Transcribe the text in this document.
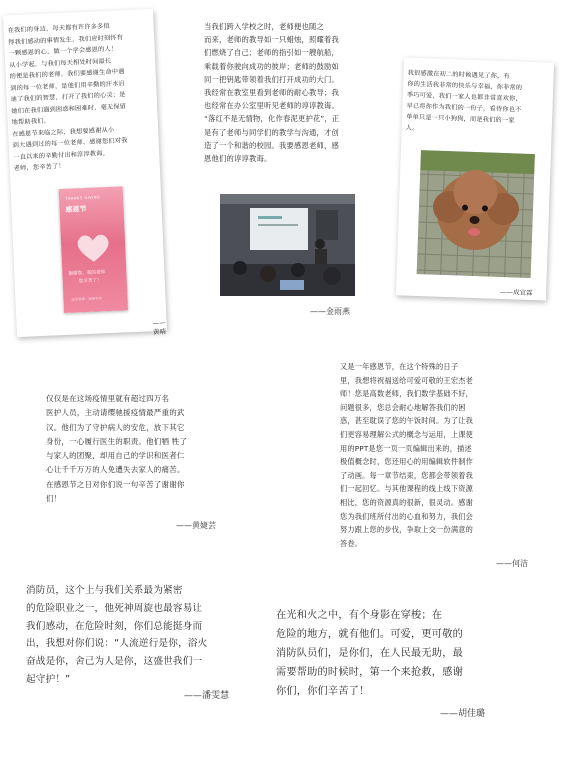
在我们的身边，每天都有许许多多值
得我们感动的事情发生，我们应时刻怀有
一颗感恩的心，做一个学会感恩的人！
从小学起，与我们每天相处时间最长
的便是我们的老师。我们要感谢生命中遇
到的每一位老师，是他们用辛勤的汗水启
迪了我们的智慧，打开了我们的心灵；是
她们在我们遇到困惑和困难时，毫无保留
地帮助我们。
在感恩节来临之际，我想要感谢从小
到大遇到过的每一位老师，感谢您们对我
一直以来的辛勤付出和淳淳教诲。
老师，您辛苦了！
THANKS GIVING
感恩节
谢谢您，我的老师
您辛苦了！
感恩教师 · 感谢有你
——黄晴
当我们跨入学校之时，老师便也随之
而来，老师的教导如一只蜡烛，照耀着我
们燃烧了自己；老师的指引如一艘航船，
乘载着你驶向成功的彼岸；老师的鼓励如
同一把钥匙带领着我们打开成功的大门。
我经常在教室里看到老师的耐心教导；我
也经常在办公室里听见老师的谆谆教诲。
“落红不是无情物，化作春泥更护花”，正
是有了老师与同学们的教学与沟通，才创
造了一个和谐的校园。我要感恩老师，感
恩他们的谆谆教诲。
——金雨燕
我很感激在初二的时候遇见了你，有
你的生活我非常的快乐与幸福，你非常的
季巧可爱，我们一家人也都非常喜欢你，
早已将你作为我们的一份子，看待你也不
单单只是一只小狗狗，而是我们的一家
人。
——成宜霖
仅仅是在这场疫情里就有超过四万名
医护人员，主动请缨驰援疫情最严重的武
汉。他们为了守护病人的安危，放下其它
身份，一心履行医生的职责。他们牺 牲了
与家人的团聚，却用自己的学识和医者仁
心让千千万万的人免遭失去家人的痛苦。
在感恩节之日对你们说一句辛苦了谢谢你
们！
——黄婕芸
又是一年感恩节，在这个特殊的日子
里，我想将祝福送给可爱可敬的王宏杰老
师！您是高数老师，我们数学基础不好，
问题很多，您总会耐心地解答我们的困
惑，甚至耽误了您的午饭时间。为了让我
们更容易理解公式的概念与运用，上课使
用的PPT是您一页一页编辑出来的，描述
极值概念时，您还用心的用编辑软件制作
了动画。每一章节结束，您都会带领着我
们一起回忆。与其他课程的线上线下资源
相比，您的资源真的很新，很灵动。感谢
您为我们班所付出的心血和努力，我们会
努力跟上您的步伐，争取上交一份满意的
答卷。
——何洁
消防员，这个上与我们关系最为紧密
的危险职业之一，他死神周旋也最容易让
我们感动，在危险时刻，你们总能挺身而
出，我想对你们说：“人流逆行是你，浴火
奋战是你，舍己为人是你，这盛世我们一
起守护！”
——潘雯慧
在光和火之中，有个身影在穿梭；在
危险的地方，就有他们。可爱，更可敬的
消防队员们，是你们，在人民最无助，最
需要帮助的时候时，第一个来抢救，感谢
你们，你们辛苦了！
——胡佳璐
